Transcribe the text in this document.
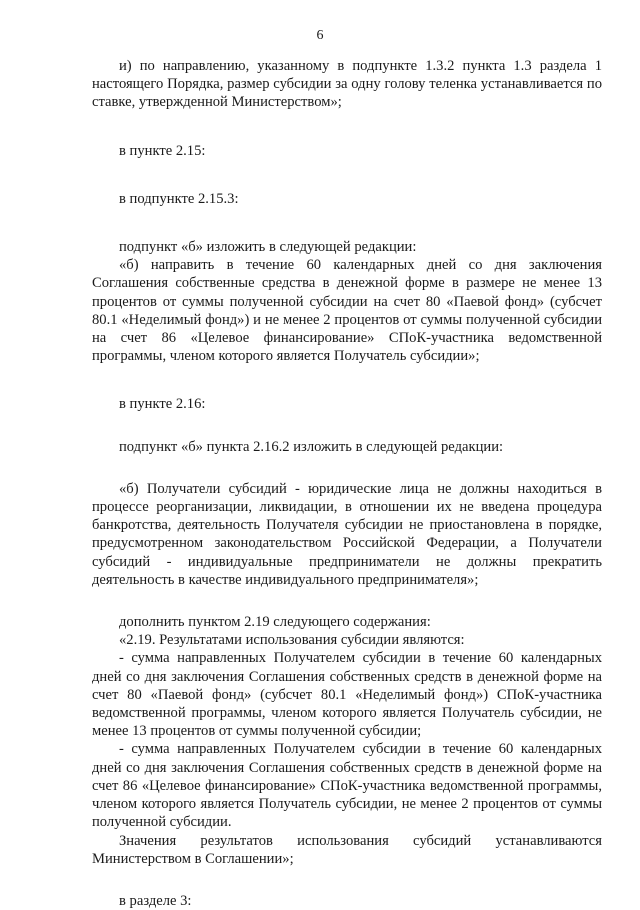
6

и) по направлению, указанному в подпункте 1.3.2 пункта 1.3 раздела 1 настоящего Порядка, размер субсидии за одну голову теленка устанавливается по ставке, утвержденной Министерством»;

в пункте 2.15:

в подпункте 2.15.3:

подпункт «б» изложить в следующей редакции:

«б) направить в течение 60 календарных дней со дня заключения Соглашения собственные средства в денежной форме в размере не менее 13 процентов от суммы полученной субсидии на счет 80 «Паевой фонд» (субсчет 80.1 «Неделимый фонд») и не менее 2 процентов от суммы полученной субсидии на счет 86 «Целевое финансирование» СПоК-участника ведомственной программы, членом которого является Получатель субсидии»;

в пункте 2.16:

подпункт «б» пункта 2.16.2 изложить в следующей редакции:

«б) Получатели субсидий - юридические лица не должны находиться в процессе реорганизации, ликвидации, в отношении их не введена процедура банкротства, деятельность Получателя субсидии не приостановлена в порядке, предусмотренном законодательством Российской Федерации, а Получатели субсидий - индивидуальные предприниматели не должны прекратить деятельность в качестве индивидуального предпринимателя»;

дополнить пунктом 2.19 следующего содержания:

«2.19. Результатами использования субсидии являются:

- сумма направленных Получателем субсидии в течение 60 календарных дней со дня заключения Соглашения собственных средств в денежной форме на счет 80 «Паевой фонд» (субсчет 80.1 «Неделимый фонд») СПоК-участника ведомственной программы, членом которого является Получатель субсидии, не менее 13 процентов от суммы полученной субсидии;

- сумма направленных Получателем субсидии в течение 60 календарных дней со дня заключения Соглашения собственных средств в денежной форме на счет 86 «Целевое финансирование» СПоК-участника ведомственной программы, членом которого является Получатель субсидии, не менее 2 процентов от суммы полученной субсидии.

Значения результатов использования субсидий устанавливаются Министерством в Соглашении»;

в разделе 3:
